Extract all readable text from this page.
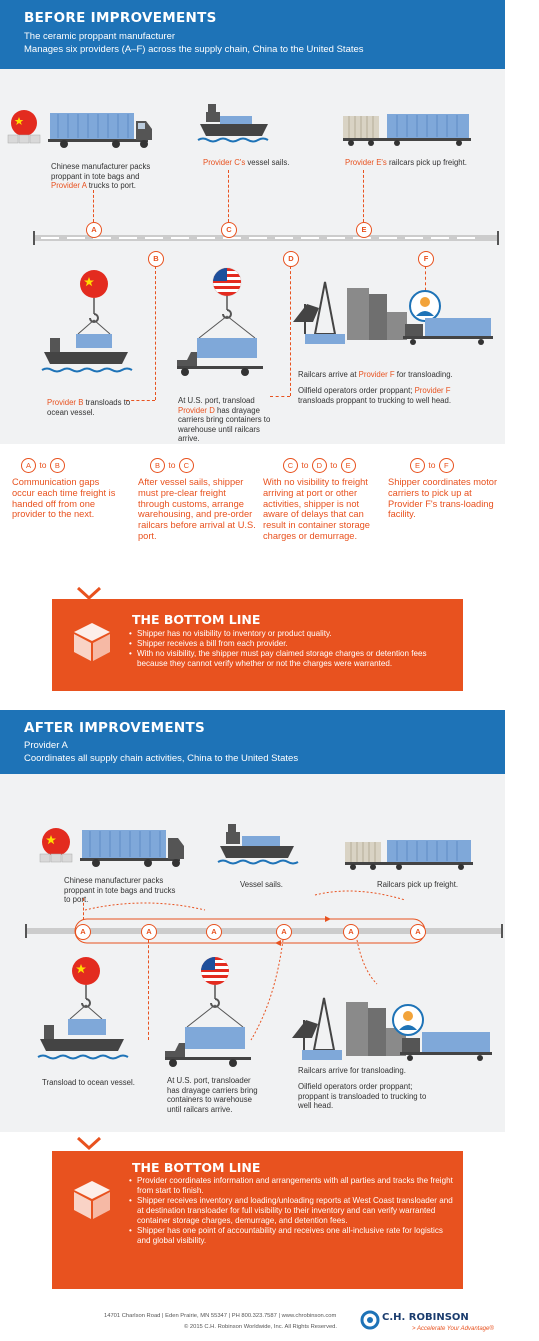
BEFORE IMPROVEMENTS
The ceramic proppant manufacturer
Manages six providers (A–F) across the supply chain, China to the United States
Chinese manufacturer packs proppant in tote bags and Provider A trucks to port.
Provider C's vessel sails.	Provider E's railcars pick up freight.
A	C	E
B	D	F
Provider B transloads to ocean vessel.
At U.S. port, transload Provider D has drayage carriers bring containers to warehouse until railcars arrive.
Railcars arrive at Provider F for transloading.
Oilfield operators order proppant; Provider F transloads proppant to trucking to well head.
A to B
Communication gaps occur each time freight is handed off from one provider to the next.
B to C
After vessel sails, shipper must pre-clear freight through customs, arrange warehousing, and pre-order railcars before arrival at U.S. port.
C to D to E
With no visibility to freight arriving at port or other activities, shipper is not aware of delays that can result in container storage charges or demurrage.
E to F
Shipper coordinates motor carriers to pick up at Provider F's trans-loading facility.
THE BOTTOM LINE
• Shipper has no visibility to inventory or product quality.
• Shipper receives a bill from each provider.
• With no visibility, the shipper must pay claimed storage charges or detention fees because they cannot verify whether or not the charges were warranted.
AFTER IMPROVEMENTS
Provider A
Coordinates all supply chain activities, China to the United States
Chinese manufacturer packs proppant in tote bags and trucks to port.
Vessel sails.	Railcars pick up freight.
A	A	A	A	A	A
Transload to ocean vessel.	At U.S. port, transloader has drayage carriers bring containers to warehouse until railcars arrive.
Railcars arrive for transloading.
Oilfield operators order proppant; proppant is transloaded to trucking to well head.
THE BOTTOM LINE
• Provider coordinates information and arrangements with all parties and tracks the freight from start to finish.
• Shipper receives inventory and loading/unloading reports at West Coast transloader and at destination transloader for full visibility to their inventory and can verify warranted container storage charges, demurrage, and detention fees.
• Shipper has one point of accountability and receives one all-inclusive rate for logistics and global visibility.
14701 Charlson Road | Eden Prairie, MN 55347 | PH 800.323.7587 | www.chrobinson.com
© 2015 C.H. Robinson Worldwide, Inc. All Rights Reserved.
C.H. ROBINSON
> Accelerate Your Advantage®
